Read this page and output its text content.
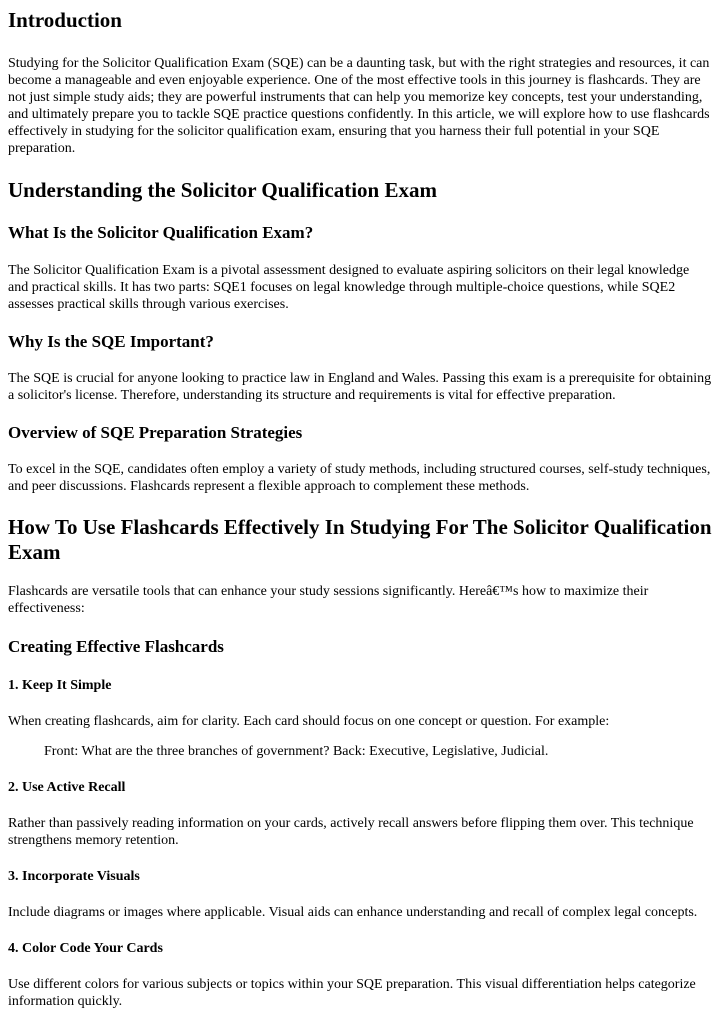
Introduction

Studying for the Solicitor Qualification Exam (SQE) can be a daunting task, but with the right strategies and resources, it can become a manageable and even enjoyable experience. One of the most effective tools in this journey is flashcards. They are not just simple study aids; they are powerful instruments that can help you memorize key concepts, test your understanding, and ultimately prepare you to tackle SQE practice questions confidently. In this article, we will explore how to use flashcards effectively in studying for the solicitor qualification exam, ensuring that you harness their full potential in your SQE preparation.

Understanding the Solicitor Qualification Exam
What Is the Solicitor Qualification Exam?

The Solicitor Qualification Exam is a pivotal assessment designed to evaluate aspiring solicitors on their legal knowledge and practical skills. It has two parts: SQE1 focuses on legal knowledge through multiple-choice questions, while SQE2 assesses practical skills through various exercises.

Why Is the SQE Important?

The SQE is crucial for anyone looking to practice law in England and Wales. Passing this exam is a prerequisite for obtaining a solicitor's license. Therefore, understanding its structure and requirements is vital for effective preparation.

Overview of SQE Preparation Strategies

To excel in the SQE, candidates often employ a variety of study methods, including structured courses, self-study techniques, and peer discussions. Flashcards represent a flexible approach to complement these methods.

How To Use Flashcards Effectively In Studying For The Solicitor Qualification Exam

Flashcards are versatile tools that can enhance your study sessions significantly. Hereâ€™s how to maximize their effectiveness:

Creating Effective Flashcards
1. Keep It Simple

When creating flashcards, aim for clarity. Each card should focus on one concept or question. For example:

Front: What are the three branches of government? Back: Executive, Legislative, Judicial.
2. Use Active Recall

Rather than passively reading information on your cards, actively recall answers before flipping them over. This technique strengthens memory retention.

3. Incorporate Visuals

Include diagrams or images where applicable. Visual aids can enhance understanding and recall of complex legal concepts.

4. Color Code Your Cards

Use different colors for various subjects or topics within your SQE preparation. This visual differentiation helps categorize information quickly.
